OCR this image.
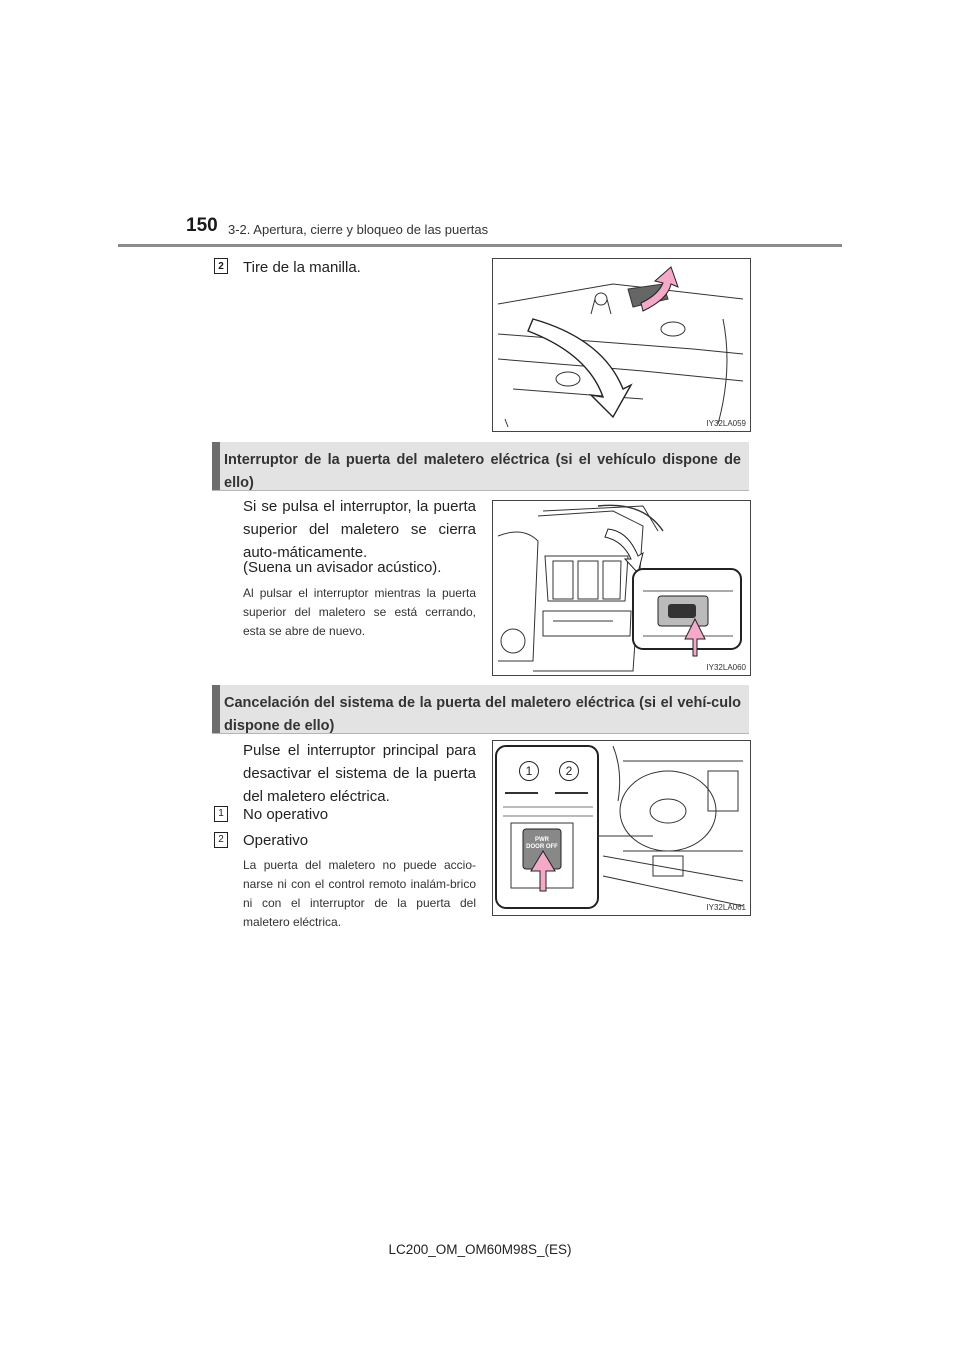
150 3-2. Apertura, cierre y bloqueo de las puertas
2 Tire de la manilla.
IY32LA059
Interruptor de la puerta del maletero eléctrica (si el vehículo dispone de ello)
Si se pulsa el interruptor, la puerta superior del maletero se cierra auto-máticamente.
(Suena un avisador acústico).
Al pulsar el interruptor mientras la puerta superior del maletero se está cerrando, esta se abre de nuevo.
IY32LA060
Cancelación del sistema de la puerta del maletero eléctrica (si el vehí-culo dispone de ello)
Pulse el interruptor principal para desactivar el sistema de la puerta del maletero eléctrica.
1 No operativo
2 Operativo
La puerta del maletero no puede accio-narse ni con el control remoto inalám-brico ni con el interruptor de la puerta del maletero eléctrica.
1	2
PWR DOOR OFF
IY32LA061
LC200_OM_OM60M98S_(ES)
